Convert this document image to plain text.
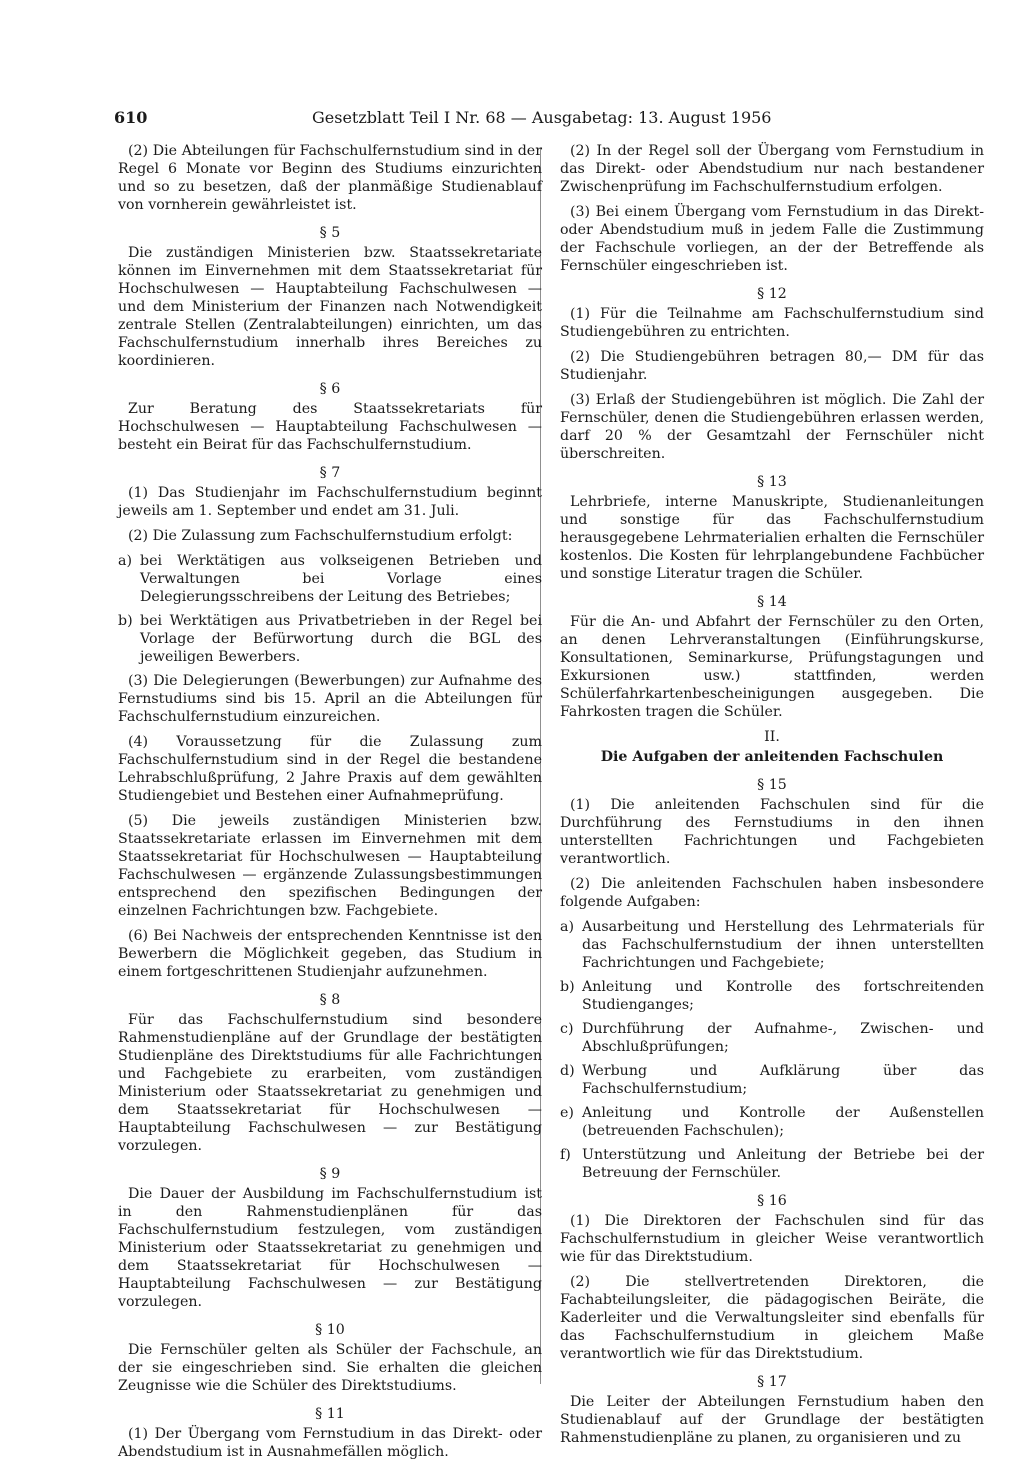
610	Gesetzblatt Teil I Nr. 68 — Ausgabetag: 13. August 1956

(2) Die Abteilungen für Fachschulfernstudium sind in der Regel 6 Monate vor Beginn des Studiums einzurichten und so zu besetzen, daß der planmäßige Studienablauf von vornherein gewährleistet ist.

§ 5

Die zuständigen Ministerien bzw. Staatssekretariate können im Einvernehmen mit dem Staatssekretariat für Hochschulwesen — Hauptabteilung Fachschulwesen — und dem Ministerium der Finanzen nach Notwendigkeit zentrale Stellen (Zentralabteilungen) einrichten, um das Fachschulfernstudium innerhalb ihres Bereiches zu koordinieren.

§ 6

Zur Beratung des Staatssekretariats für Hochschulwesen — Hauptabteilung Fachschulwesen — besteht ein Beirat für das Fachschulfernstudium.

§ 7

(1) Das Studienjahr im Fachschulfernstudium beginnt jeweils am 1. September und endet am 31. Juli.

(2) Die Zulassung zum Fachschulfernstudium erfolgt:

a) bei Werktätigen aus volkseigenen Betrieben und Verwaltungen bei Vorlage eines Delegierungsschreibens der Leitung des Betriebes;
b) bei Werktätigen aus Privatbetrieben in der Regel bei Vorlage der Befürwortung durch die BGL des jeweiligen Bewerbers.

(3) Die Delegierungen (Bewerbungen) zur Aufnahme des Fernstudiums sind bis 15. April an die Abteilungen für Fachschulfernstudium einzureichen.

(4) Voraussetzung für die Zulassung zum Fachschulfernstudium sind in der Regel die bestandene Lehrabschlußprüfung, 2 Jahre Praxis auf dem gewählten Studiengebiet und Bestehen einer Aufnahmeprüfung.

(5) Die jeweils zuständigen Ministerien bzw. Staatssekretariate erlassen im Einvernehmen mit dem Staatssekretariat für Hochschulwesen — Hauptabteilung Fachschulwesen — ergänzende Zulassungsbestimmungen entsprechend den spezifischen Bedingungen der einzelnen Fachrichtungen bzw. Fachgebiete.

(6) Bei Nachweis der entsprechenden Kenntnisse ist den Bewerbern die Möglichkeit gegeben, das Studium in einem fortgeschrittenen Studienjahr aufzunehmen.

§ 8

Für das Fachschulfernstudium sind besondere Rahmenstudienpläne auf der Grundlage der bestätigten Studienpläne des Direktstudiums für alle Fachrichtungen und Fachgebiete zu erarbeiten, vom zuständigen Ministerium oder Staatssekretariat zu genehmigen und dem Staatssekretariat für Hochschulwesen — Hauptabteilung Fachschulwesen — zur Bestätigung vorzulegen.

§ 9

Die Dauer der Ausbildung im Fachschulfernstudium ist in den Rahmenstudienplänen für das Fachschulfernstudium festzulegen, vom zuständigen Ministerium oder Staatssekretariat zu genehmigen und dem Staatssekretariat für Hochschulwesen — Hauptabteilung Fachschulwesen — zur Bestätigung vorzulegen.

§ 10

Die Fernschüler gelten als Schüler der Fachschule, an der sie eingeschrieben sind. Sie erhalten die gleichen Zeugnisse wie die Schüler des Direktstudiums.

§ 11

(1) Der Übergang vom Fernstudium in das Direkt- oder Abendstudium ist in Ausnahmefällen möglich.

(2) In der Regel soll der Übergang vom Fernstudium in das Direkt- oder Abendstudium nur nach bestandener Zwischenprüfung im Fachschulfernstudium erfolgen.

(3) Bei einem Übergang vom Fernstudium in das Direkt- oder Abendstudium muß in jedem Falle die Zustimmung der Fachschule vorliegen, an der der Betreffende als Fernschüler eingeschrieben ist.

§ 12

(1) Für die Teilnahme am Fachschulfernstudium sind Studiengebühren zu entrichten.

(2) Die Studiengebühren betragen 80,— DM für das Studienjahr.

(3) Erlaß der Studiengebühren ist möglich. Die Zahl der Fernschüler, denen die Studiengebühren erlassen werden, darf 20 % der Gesamtzahl der Fernschüler nicht überschreiten.

§ 13

Lehrbriefe, interne Manuskripte, Studienanleitungen und sonstige für das Fachschulfernstudium herausgegebene Lehrmaterialien erhalten die Fernschüler kostenlos. Die Kosten für lehrplangebundene Fachbücher und sonstige Literatur tragen die Schüler.

§ 14

Für die An- und Abfahrt der Fernschüler zu den Orten, an denen Lehrveranstaltungen (Einführungskurse, Konsultationen, Seminarkurse, Prüfungstagungen und Exkursionen usw.) stattfinden, werden Schülerfahrkartenbescheinigungen ausgegeben. Die Fahrkosten tragen die Schüler.

II.
Die Aufgaben der anleitenden Fachschulen
§ 15

(1) Die anleitenden Fachschulen sind für die Durchführung des Fernstudiums in den ihnen unterstellten Fachrichtungen und Fachgebieten verantwortlich.

(2) Die anleitenden Fachschulen haben insbesondere folgende Aufgaben:

a) Ausarbeitung und Herstellung des Lehrmaterials für das Fachschulfernstudium der ihnen unterstellten Fachrichtungen und Fachgebiete;
b) Anleitung und Kontrolle des fortschreitenden Studienganges;
c) Durchführung der Aufnahme-, Zwischen- und Abschlußprüfungen;
d) Werbung und Aufklärung über das Fachschulfernstudium;
e) Anleitung und Kontrolle der Außenstellen (betreuenden Fachschulen);
f) Unterstützung und Anleitung der Betriebe bei der Betreuung der Fernschüler.
§ 16

(1) Die Direktoren der Fachschulen sind für das Fachschulfernstudium in gleicher Weise verantwortlich wie für das Direktstudium.

(2) Die stellvertretenden Direktoren, die Fachabteilungsleiter, die pädagogischen Beiräte, die Kaderleiter und die Verwaltungsleiter sind ebenfalls für das Fachschulfernstudium in gleichem Maße verantwortlich wie für das Direktstudium.

§ 17

Die Leiter der Abteilungen Fernstudium haben den Studienablauf auf der Grundlage der bestätigten Rahmenstudienpläne zu planen, zu organisieren und zu
